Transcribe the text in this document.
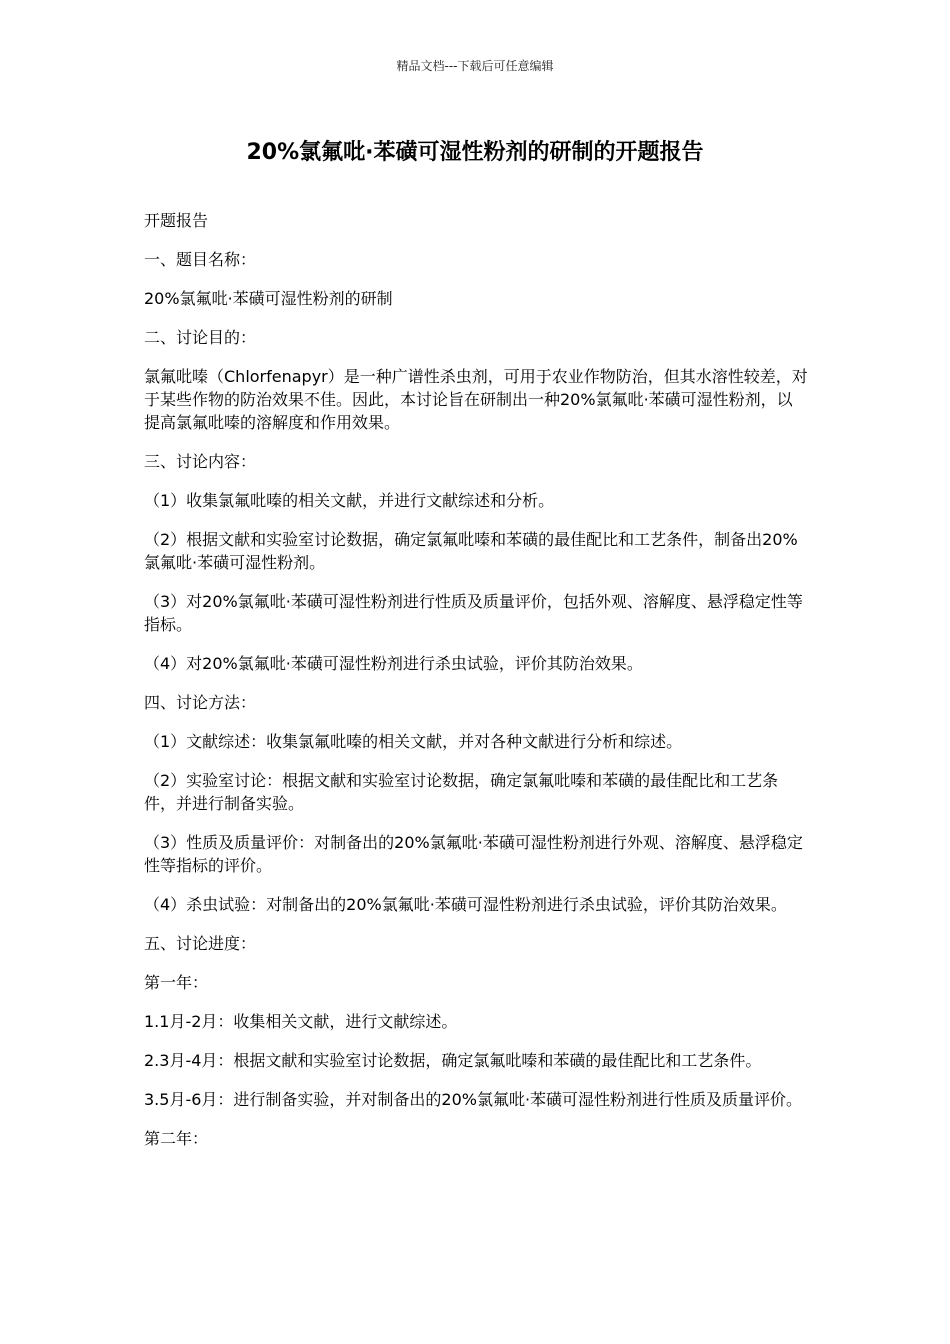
精品文档---下载后可任意编辑
20%氯氟吡·苯磺可湿性粉剂的研制的开题报告

开题报告

一、题目名称：

20%氯氟吡·苯磺可湿性粉剂的研制

二、讨论目的：

氯氟吡嗪（Chlorfenapyr）是一种广谱性杀虫剂，可用于农业作物防治，但其水溶性较差，对于某些作物的防治效果不佳。因此，本讨论旨在研制出一种20%氯氟吡·苯磺可湿性粉剂，以提高氯氟吡嗪的溶解度和作用效果。

三、讨论内容：

（1）收集氯氟吡嗪的相关文献，并进行文献综述和分析。

（2）根据文献和实验室讨论数据，确定氯氟吡嗪和苯磺的最佳配比和工艺条件，制备出20%氯氟吡·苯磺可湿性粉剂。

（3）对20%氯氟吡·苯磺可湿性粉剂进行性质及质量评价，包括外观、溶解度、悬浮稳定性等指标。

（4）对20%氯氟吡·苯磺可湿性粉剂进行杀虫试验，评价其防治效果。

四、讨论方法：

（1）文献综述：收集氯氟吡嗪的相关文献，并对各种文献进行分析和综述。

（2）实验室讨论：根据文献和实验室讨论数据，确定氯氟吡嗪和苯磺的最佳配比和工艺条件，并进行制备实验。

（3）性质及质量评价：对制备出的20%氯氟吡·苯磺可湿性粉剂进行外观、溶解度、悬浮稳定性等指标的评价。

（4）杀虫试验：对制备出的20%氯氟吡·苯磺可湿性粉剂进行杀虫试验，评价其防治效果。

五、讨论进度：

第一年：

1.1月-2月：收集相关文献，进行文献综述。

2.3月-4月：根据文献和实验室讨论数据，确定氯氟吡嗪和苯磺的最佳配比和工艺条件。

3.5月-6月：进行制备实验，并对制备出的20%氯氟吡·苯磺可湿性粉剂进行性质及质量评价。

第二年：
